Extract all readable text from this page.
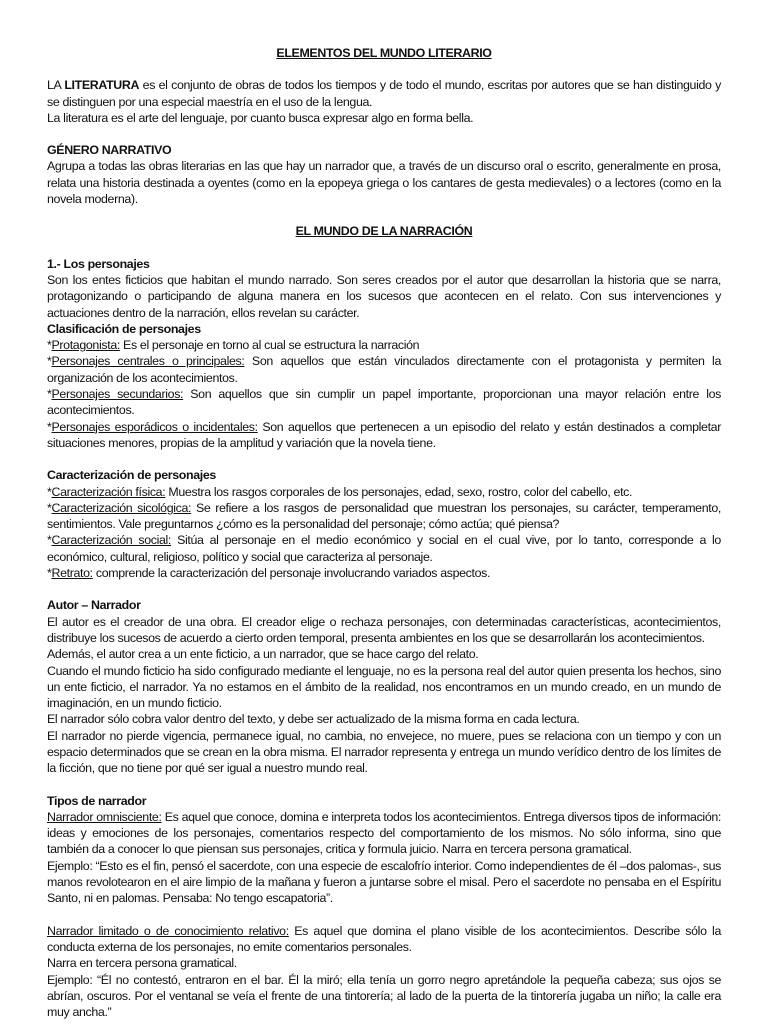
ELEMENTOS DEL MUNDO LITERARIO

LA LITERATURA es el conjunto de obras de todos los tiempos y de todo el mundo, escritas por autores que se han distinguido y se distinguen por una especial maestría en el uso de la lengua.

La literatura es el arte del lenguaje, por cuanto busca expresar algo en forma bella.

GÉNERO NARRATIVO

Agrupa a todas las obras literarias en las que hay un narrador que, a través de un discurso oral o escrito, generalmente en prosa, relata una historia destinada a oyentes (como en la epopeya griega o los cantares de gesta medievales) o a lectores (como en la novela moderna).

EL MUNDO DE LA NARRACIÓN

1.- Los personajes

Son los entes ficticios que habitan el mundo narrado. Son seres creados por el autor que desarrollan la historia que se narra, protagonizando o participando de alguna manera en los sucesos que acontecen en el relato. Con sus intervenciones y actuaciones dentro de la narración, ellos revelan su carácter.

Clasificación de personajes

*Protagonista: Es el personaje en torno al cual se estructura la narración

*Personajes centrales o principales: Son aquellos que están vinculados directamente con el protagonista y permiten la organización de los acontecimientos.

*Personajes secundarios: Son aquellos que sin cumplir un papel importante, proporcionan una mayor relación entre los acontecimientos.

*Personajes esporádicos o incidentales: Son aquellos que pertenecen a un episodio del relato y están destinados a completar situaciones menores, propias de la amplitud y variación que la novela tiene.

Caracterización de personajes

*Caracterización física: Muestra los rasgos corporales de los personajes, edad, sexo, rostro, color del cabello, etc.

*Caracterización sicológica: Se refiere a los rasgos de personalidad que muestran los personajes, su carácter, temperamento, sentimientos. Vale preguntarnos ¿cómo es la personalidad del personaje; cómo actúa; qué piensa?

*Caracterización social: Sitúa al personaje en el medio económico y social en el cual vive, por lo tanto, corresponde a lo económico, cultural, religioso, político y social que caracteriza al personaje.

*Retrato: comprende la caracterización del personaje involucrando variados aspectos.

Autor – Narrador

El autor es el creador de una obra. El creador elige o rechaza personajes, con determinadas características, acontecimientos, distribuye los sucesos de acuerdo a cierto orden temporal, presenta ambientes en los que se desarrollarán los acontecimientos.

Además, el autor crea a un ente ficticio, a un narrador, que se hace cargo del relato.

Cuando el mundo ficticio ha sido configurado mediante el lenguaje, no es la persona real del autor quien presenta los hechos, sino un ente ficticio, el narrador. Ya no estamos en el ámbito de la realidad, nos encontramos en un mundo creado, en un mundo de imaginación, en un mundo ficticio.

El narrador sólo cobra valor dentro del texto, y debe ser actualizado de la misma forma en cada lectura.

El narrador no pierde vigencia, permanece igual, no cambia, no envejece, no muere, pues se relaciona con un tiempo y con un espacio determinados que se crean en la obra misma. El narrador representa y entrega un mundo verídico dentro de los límites de la ficción, que no tiene por qué ser igual a nuestro mundo real.

Tipos de narrador

Narrador omnisciente: Es aquel que conoce, domina e interpreta todos los acontecimientos. Entrega diversos tipos de información: ideas y emociones de los personajes, comentarios respecto del comportamiento de los mismos. No sólo informa, sino que también da a conocer lo que piensan sus personajes, critica y formula juicio. Narra en tercera persona gramatical.

Ejemplo: “Esto es el fin, pensó el sacerdote, con una especie de escalofrío interior. Como independientes de él –dos palomas-, sus manos revolotearon en el aire limpio de la mañana y fueron a juntarse sobre el misal. Pero el sacerdote no pensaba en el Espíritu Santo, ni en palomas. Pensaba: No tengo escapatoria”.

Narrador limitado o de conocimiento relativo: Es aquel que domina el plano visible de los acontecimientos. Describe sólo la conducta externa de los personajes, no emite comentarios personales.

Narra en tercera persona gramatical.

Ejemplo: “Él no contestó, entraron en el bar. Él la miró; ella tenía un gorro negro apretándole la pequeña cabeza; sus ojos se abrían, oscuros. Por el ventanal se veía el frente de una tintorería; al lado de la puerta de la tintorería jugaba un niño; la calle era muy ancha.”
